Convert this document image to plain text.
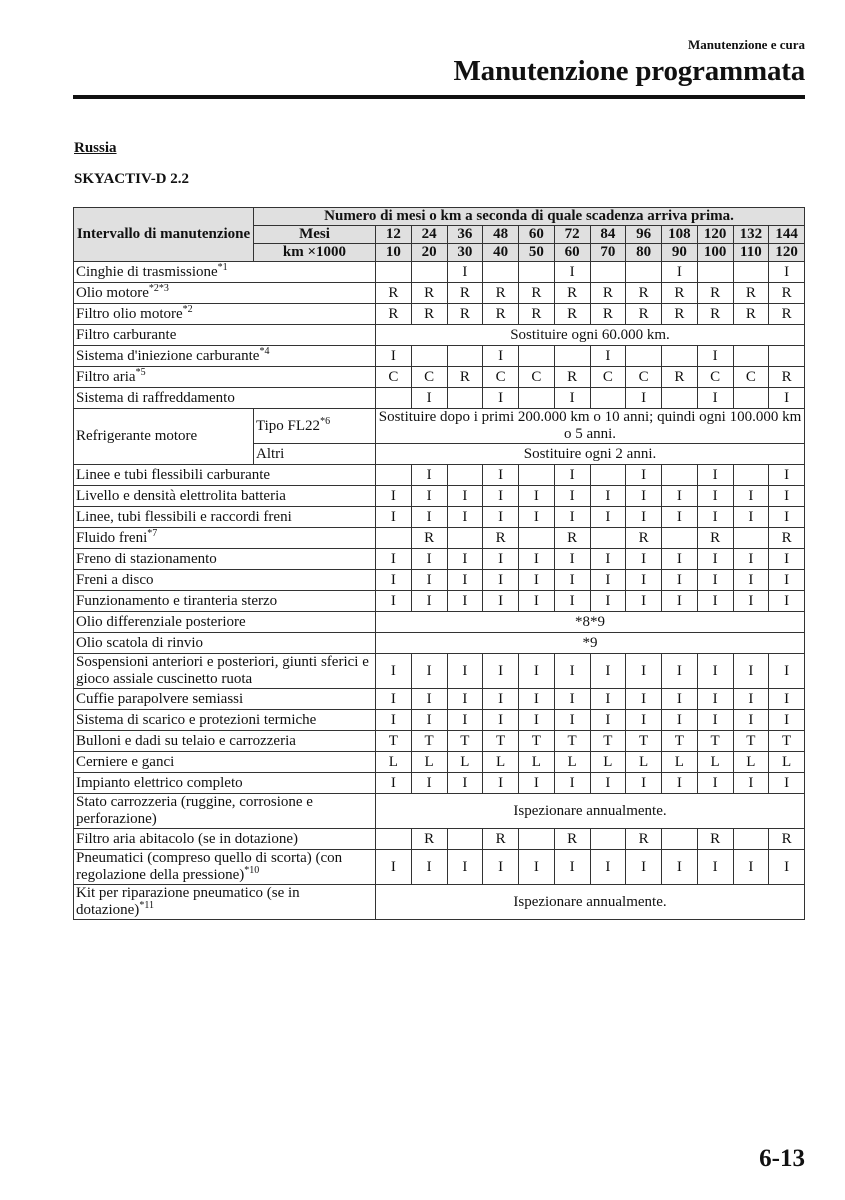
Manutenzione e cura
Manutenzione programmata
Russia
SKYACTIV-D 2.2
Intervallo di manutenzione	Numero di mesi o km a seconda di quale scadenza arriva prima.												
	Mesi	12	24	36	48	60	72	84	96	108	120	132	144
	km ×1000	10	20	30	40	50	60	70	80	90	100	110	120
Cinghie di trasmissione$^{*1}$				I			I			I			I
Olio motore$^{*2*3}$		R	R	R	R	R	R	R	R	R	R	R	R
Filtro olio motore$^{*2}$		R	R	R	R	R	R	R	R	R	R	R	R
Filtro carburante		Sostituire ogni 60.000 km.											
Sistema d'iniezione carburante$^{*4}$		I			I			I			I		
Filtro aria$^{*5}$		C	C	R	C	C	R	C	C	R	C	C	R
Sistema di raffreddamento			I		I		I		I		I		I
Refrigerante motore	Tipo FL22$^{*6}$	Sostituire dopo i primi 200.000 km o 10 anni; quindi ogni 100.000 km o 5 anni.											
	Altri	Sostituire ogni 2 anni.											
Linee e tubi flessibili carburante			I		I		I		I		I		I
Livello e densità elettrolita batteria		I	I	I	I	I	I	I	I	I	I	I	I
Linee, tubi flessibili e raccordi freni		I	I	I	I	I	I	I	I	I	I	I	I
Fluido freni$^{*7}$			R		R		R		R		R		R
Freno di stazionamento		I	I	I	I	I	I	I	I	I	I	I	I
Freni a disco		I	I	I	I	I	I	I	I	I	I	I	I
Funzionamento e tiranteria sterzo		I	I	I	I	I	I	I	I	I	I	I	I
Olio differenziale posteriore		*8*9											
Olio scatola di rinvio		*9											
Sospensioni anteriori e posteriori, giunti sferici e gioco assiale cuscinetto ruota		I	I	I	I	I	I	I	I	I	I	I	I
Cuffie parapolvere semiassi		I	I	I	I	I	I	I	I	I	I	I	I
Sistema di scarico e protezioni termiche		I	I	I	I	I	I	I	I	I	I	I	I
Bulloni e dadi su telaio e carrozzeria		T	T	T	T	T	T	T	T	T	T	T	T
Cerniere e ganci		L	L	L	L	L	L	L	L	L	L	L	L
Impianto elettrico completo		I	I	I	I	I	I	I	I	I	I	I	I
Stato carrozzeria (ruggine, corrosione e perforazione)		Ispezionare annualmente.											
Filtro aria abitacolo (se in dotazione)			R		R		R		R		R		R
Pneumatici (compreso quello di scorta) (con regolazione della pressione)$^{*10}$		I	I	I	I	I	I	I	I	I	I	I	I
Kit per riparazione pneumatico (se in dotazione)$^{*11}$		Ispezionare annualmente.											
6-13
